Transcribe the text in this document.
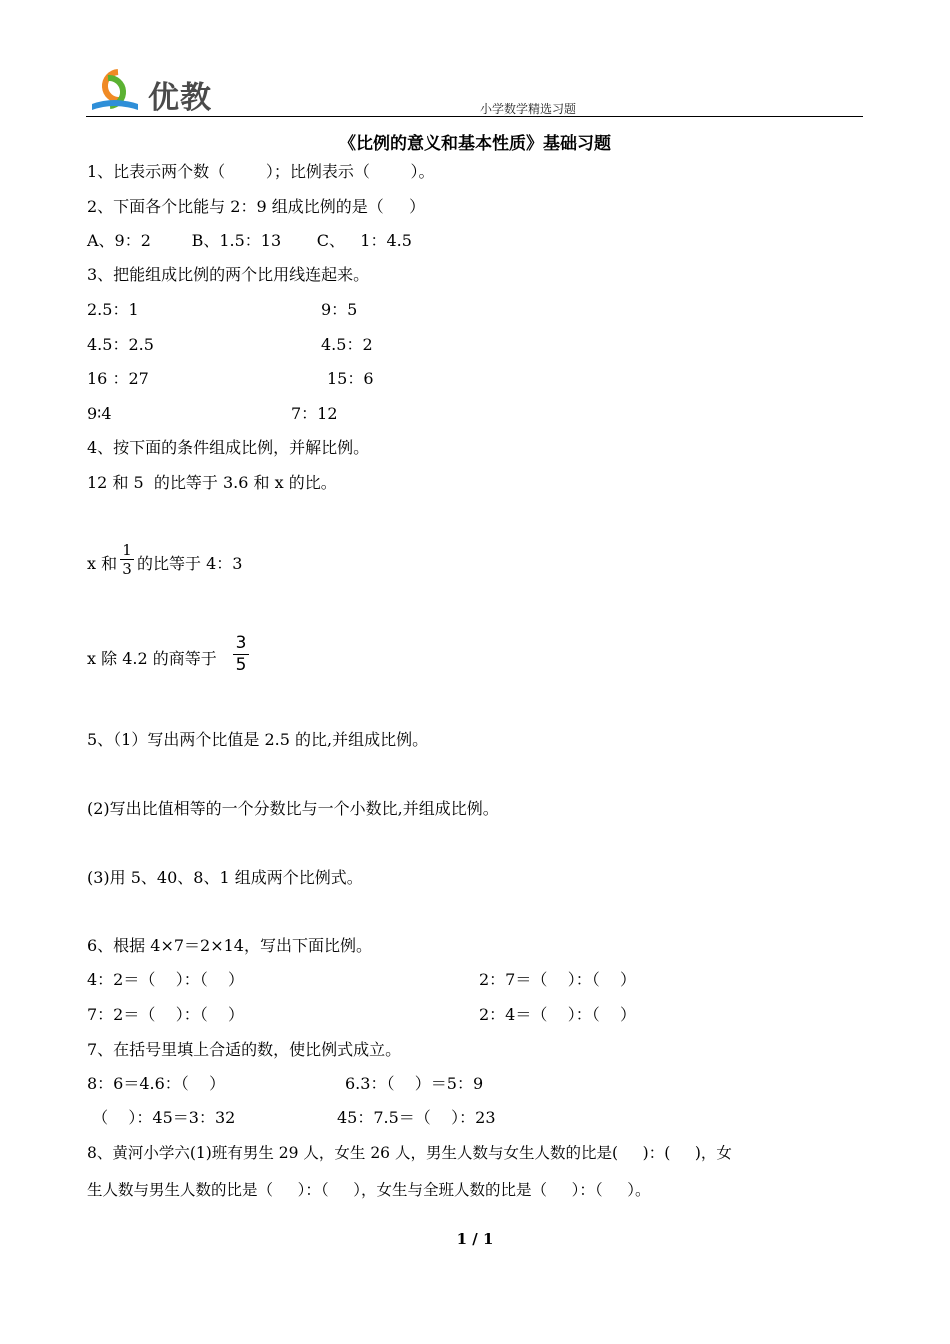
优教	小学数学精选习题
《比例的意义和基本性质》基础习题
1、比表示两个数（        ）；比例表示（        ）。
2、下面各个比能与 2：9 组成比例的是（     ）
A、9：2        B、1.5：13       C、   1：4.5
3、把能组成比例的两个比用线连起来。
2.5：1	9：5
4.5：2.5	4.5：2
16 ：27	15：6
9∶4	7：12
4、按下面的条件组成比例，并解比例。
12 和 5  的比等于 3.6 和 x 的比。
x 和
1
3 的比等于 4：3
x 除 4.2 的商等于
3
5
5、（1）写出两个比值是 2.5 的比,并组成比例。
(2)写出比值相等的一个分数比与一个小数比,并组成比例。
(3)用 5、40、8、1 组成两个比例式。
6、根据 4×7＝2×14，写出下面比例。
4：2＝（    ）：（    ）	2：7＝（    ）：（    ）
7：2＝（    ）：（    ）	2：4＝（    ）：（    ）
7、在括号里填上合适的数，使比例式成立。
8：6＝4.6：（    ）	6.3：（    ）＝5：9
（    ）：45＝3：32	45：7.5＝（    ）：23
8、黄河小学六(1)班有男生 29 人，女生 26 人，男生人数与女生人数的比是(     )：(     )，女
生人数与男生人数的比是（     ）：（     ），女生与全班人数的比是（     ）：（     ）。
1 / 1
